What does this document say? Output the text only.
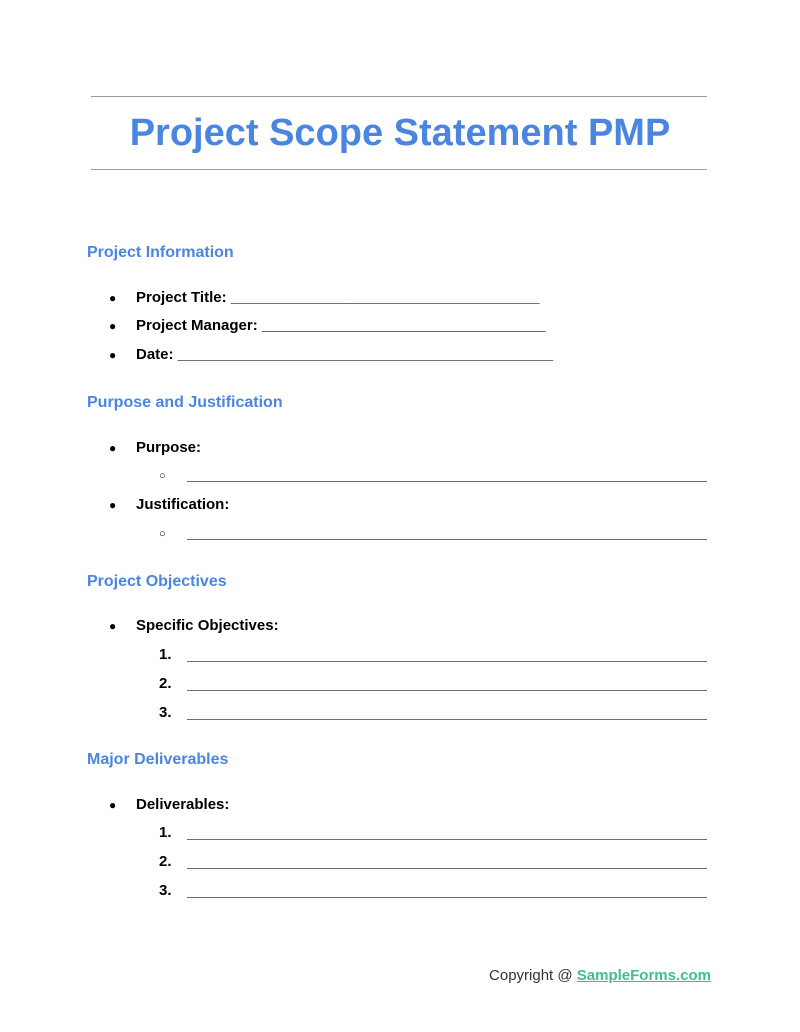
Project Scope Statement PMP
Project Information
● Project Title: _____________________________________
● Project Manager: __________________________________
● Date: _____________________________________________
Purpose and Justification
● Purpose:
○
● Justification:
○
Project Objectives
● Specific Objectives:
1.
2.
3.
Major Deliverables
● Deliverables:
1.
2.
3.
Copyright @ SampleForms.com
